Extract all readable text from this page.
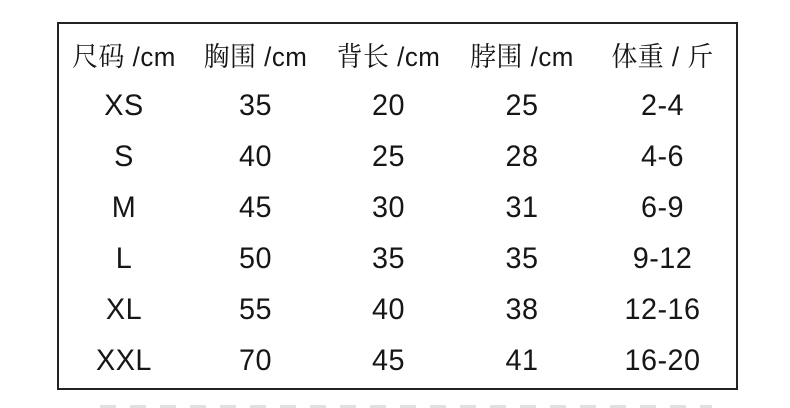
尺码 /cm	胸围 /cm	背长 /cm	脖围 /cm	体重 / 斤
XS	35	20	25	2-4
S	40	25	28	4-6
M	45	30	31	6-9
L	50	35	35	9-12
XL	55	40	38	12-16
XXL	70	45	41	16-20
